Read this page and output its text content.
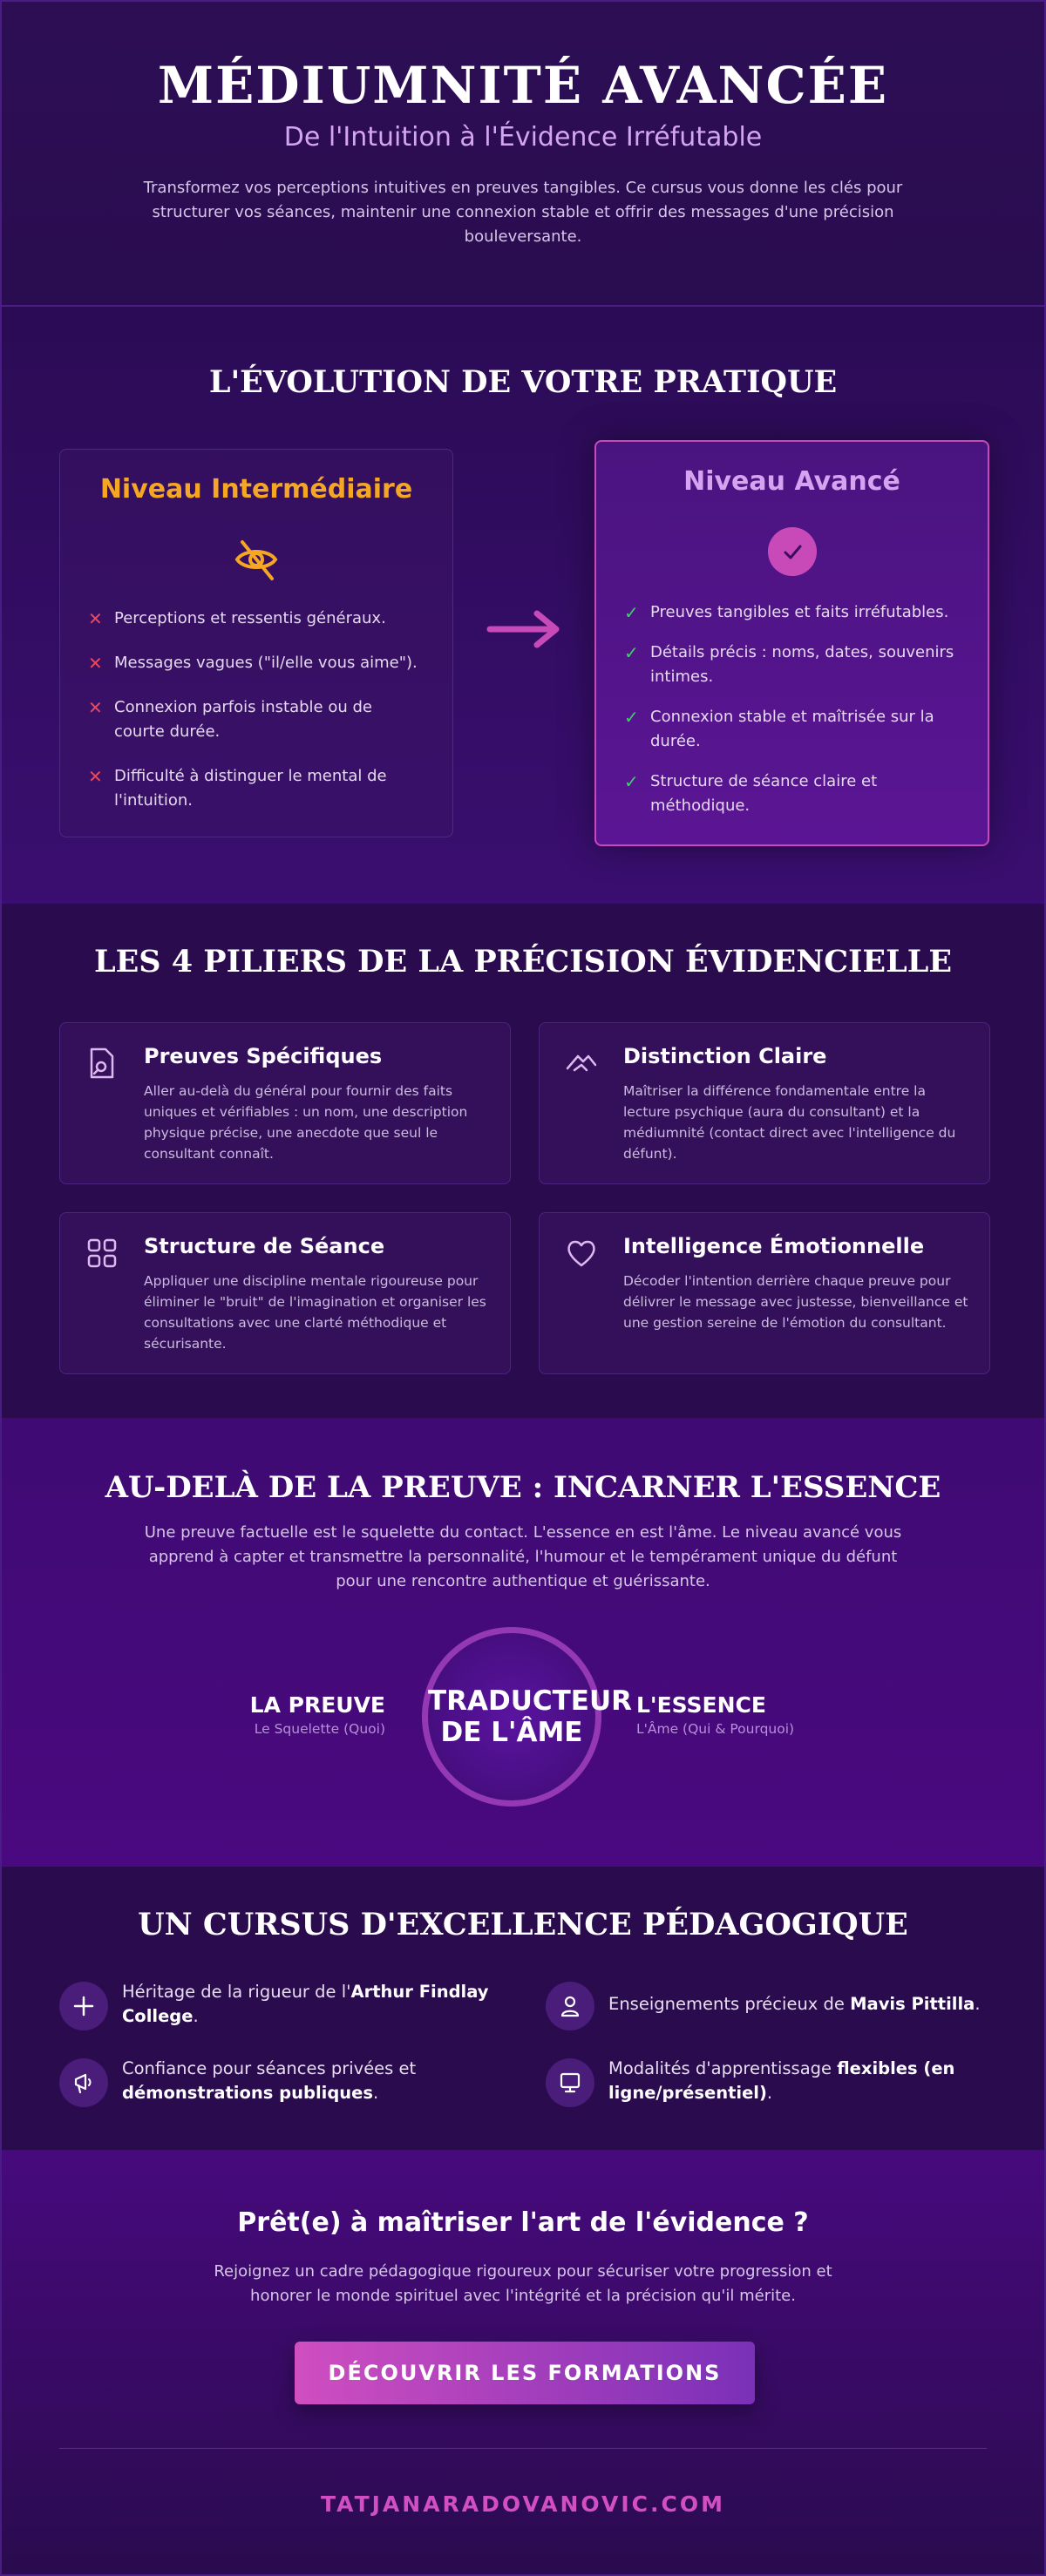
MÉDIUMNITÉ AVANCÉE
De l'Intuition à l'Évidence Irréfutable

Transformez vos perceptions intuitives en preuves tangibles. Ce cursus vous donne les clés pour structurer vos séances, maintenir une connexion stable et offrir des messages d'une précision bouleversante.

L'ÉVOLUTION DE VOTRE PRATIQUE
Niveau Intermédiaire
✕ Perceptions et ressentis généraux.
✕ Messages vagues ("il/elle vous aime").
✕ Connexion parfois instable ou de courte durée.
✕ Difficulté à distinguer le mental de l'intuition.
Niveau Avancé
✓ Preuves tangibles et faits irréfutables.
✓ Détails précis : noms, dates, souvenirs intimes.
✓ Connexion stable et maîtrisée sur la durée.
✓ Structure de séance claire et méthodique.
LES 4 PILIERS DE LA PRÉCISION ÉVIDENCIELLE
Preuves Spécifiques

Aller au-delà du général pour fournir des faits uniques et vérifiables : un nom, une description physique précise, une anecdote que seul le consultant connaît.

Distinction Claire

Maîtriser la différence fondamentale entre la lecture psychique (aura du consultant) et la médiumnité (contact direct avec l'intelligence du défunt).

Structure de Séance

Appliquer une discipline mentale rigoureuse pour éliminer le "bruit" de l'imagination et organiser les consultations avec une clarté méthodique et sécurisante.

Intelligence Émotionnelle

Décoder l'intention derrière chaque preuve pour délivrer le message avec justesse, bienveillance et une gestion sereine de l'émotion du consultant.

AU-DELÀ DE LA PREUVE : INCARNER L'ESSENCE

Une preuve factuelle est le squelette du contact. L'essence en est l'âme. Le niveau avancé vous apprend à capter et transmettre la personnalité, l'humour et le tempérament unique du défunt pour une rencontre authentique et guérissante.

LA PREUVE
Le Squelette (Quoi)
TRADUCTEUR
DE L'ÂME
L'ESSENCE
L'Âme (Qui & Pourquoi)
UN CURSUS D'EXCELLENCE PÉDAGOGIQUE
Héritage de la rigueur de l'Arthur Findlay College.
Enseignements précieux de Mavis Pittilla.
Confiance pour séances privées et démonstrations publiques.
Modalités d'apprentissage flexibles (en ligne/présentiel).
Prêt(e) à maîtriser l'art de l'évidence ?

Rejoignez un cadre pédagogique rigoureux pour sécuriser votre progression et honorer le monde spirituel avec l'intégrité et la précision qu'il mérite.

DÉCOUVRIR LES FORMATIONS
TATJANARADOVANOVIC.COM
